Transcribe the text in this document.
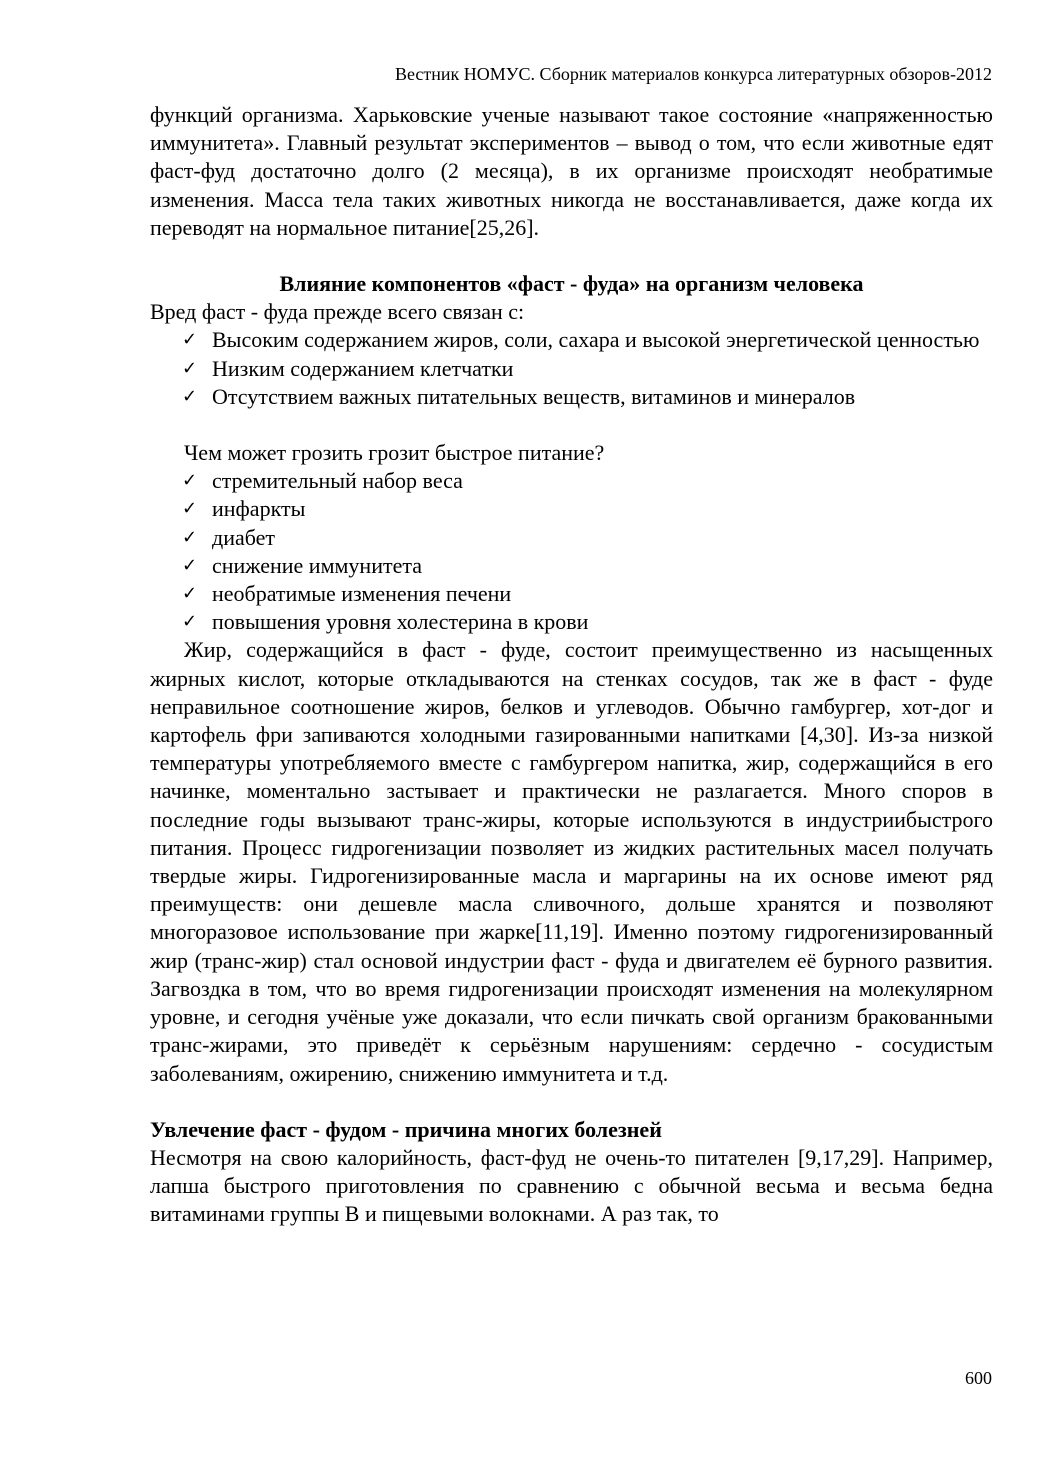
Вестник НОМУС. Сборник материалов конкурса литературных обзоров-2012

функций организма. Харьковские ученые называют такое состояние «напряженностью иммунитета». Главный результат экспериментов – вывод о том, что если животные едят фаст-фуд достаточно долго (2 месяца), в их организме происходят необратимые изменения. Масса тела таких животных никогда не восстанавливается, даже когда их переводят на нормальное питание[25,26].

Влияние компонентов «фаст - фуда» на организм человека

Вред фаст - фуда прежде всего связан с:

✓ Высоким содержанием жиров, соли, сахара и высокой энергетической ценностью
✓ Низким содержанием клетчатки
✓ Отсутствием важных питательных веществ, витаминов и минералов

Чем может грозить грозит быстрое питание?

✓ стремительный набор веса
✓ инфаркты
✓ диабет
✓ снижение иммунитета
✓ необратимые изменения печени
✓ повышения уровня холестерина в крови

Жир, содержащийся в фаст - фуде, состоит преимущественно из насыщенных жирных кислот, которые откладываются на стенках сосудов, так же в фаст - фуде неправильное соотношение жиров, белков и углеводов. Обычно гамбургер, хот-дог и картофель фри запиваются холодными газированными напитками [4,30]. Из-за низкой температуры употребляемого вместе с гамбургером напитка, жир, содержащийся в его начинке, моментально застывает и практически не разлагается. Много споров в последние годы вызывают транс-жиры, которые используются в индустриибыстрого питания. Процесс гидрогенизации позволяет из жидких растительных масел получать твердые жиры. Гидрогенизированные масла и маргарины на их основе имеют ряд преимуществ: они дешевле масла сливочного, дольше хранятся и позволяют многоразовое использование при жарке[11,19]. Именно поэтому гидрогенизированный жир (транс-жир) стал основой индустрии фаст - фуда и двигателем её бурного развития. Загвоздка в том, что во время гидрогенизации происходят изменения на молекулярном уровне, и сегодня учёные уже доказали, что если пичкать свой организм бракованными транс-жирами, это приведёт к серьёзным нарушениям: сердечно - сосудистым заболеваниям, ожирению, снижению иммунитета и т.д.

Увлечение фаст - фудом - причина многих болезней

Несмотря на свою калорийность, фаст-фуд не очень-то питателен [9,17,29]. Например, лапша быстрого приготовления по сравнению с обычной весьма и весьма бедна витаминами группы В и пищевыми волокнами. А раз так, то

600
